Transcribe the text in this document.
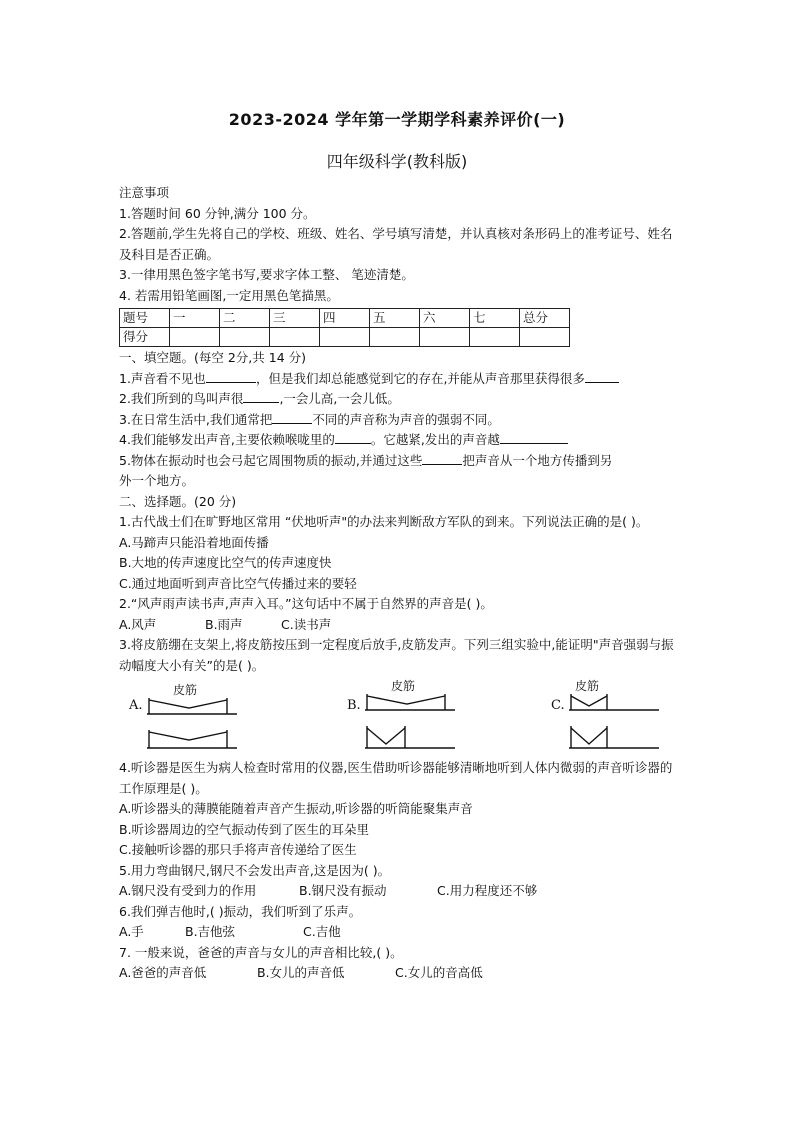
2023-2024 学年第一学期学科素养评价(一)
四年级科学(教科版)
注意事项
1.答题时间 60 分钟,满分 100 分。
2.答题前,学生先将自己的学校、班级、姓名、学号填写清楚，并认真核对条形码上的准考证号、姓名及科目是否正确。
3.一律用黑色签字笔书写,要求字体工整、 笔迹清楚。
4. 若需用铅笔画图,一定用黑色笔描黑。
题号	一	二	三	四	五	六	七	总分
得分								
一、填空题。(每空 2分,共 14 分)
1.声音看不见也	，但是我们却总能感觉到它的存在,并能从声音那里获得很多
2.我们所到的鸟叫声很	,一会儿高,一会儿低。
3.在日常生活中,我们通常把	不同的声音称为声音的强弱不同。
4.我们能够发出声音,主要依赖喉咙里的	。它越紧,发出的声音越
5.物体在振动时也会弓起它周围物质的振动,并通过这些	把声音从一个地方传播到另
外一个地方。
二、选择题。(20 分)
1.古代战士们在旷野地区常用 “伏地听声"的办法来判断敌方军队的到来。下列说法正确的是( )。
A.马蹄声只能沿着地面传播
B.大地的传声速度比空气的传声速度快
C.通过地面听到声音比空气传播过来的要轻
2.“风声雨声读书声,声声入耳。”这句话中不属于自然界的声音是( )。
A.风声	B.雨声	C.读书声
3.将皮筋绷在支架上,将皮筋按压到一定程度后放手,皮筋发声。下列三组实验中,能证明"声音强弱与振动幅度大小有关”的是( )。
A.
皮筋
B.
皮筋
C.
皮筋
4.听诊器是医生为病人检查时常用的仪器,医生借助听诊器能够清晰地听到人体内微弱的声音听诊器的工作原理是( )。
A.听诊器头的薄膜能随着声音产生振动,听诊器的听筒能聚集声音
B.听诊器周边的空气振动传到了医生的耳朵里
C.接触听诊器的那只手将声音传递给了医生
5.用力弯曲钢尺,钢尺不会发出声音,这是因为( )。
A.钢尺没有受到力的作用	B.钢尺没有振动	C.用力程度还不够
6.我们弹吉他时,( )振动，我们听到了乐声。
A.手	B.吉他弦	C.吉他
7. 一般来说，爸爸的声音与女儿的声音相比较,( )。
A.爸爸的声音低	B.女儿的声音低	C.女儿的音高低
